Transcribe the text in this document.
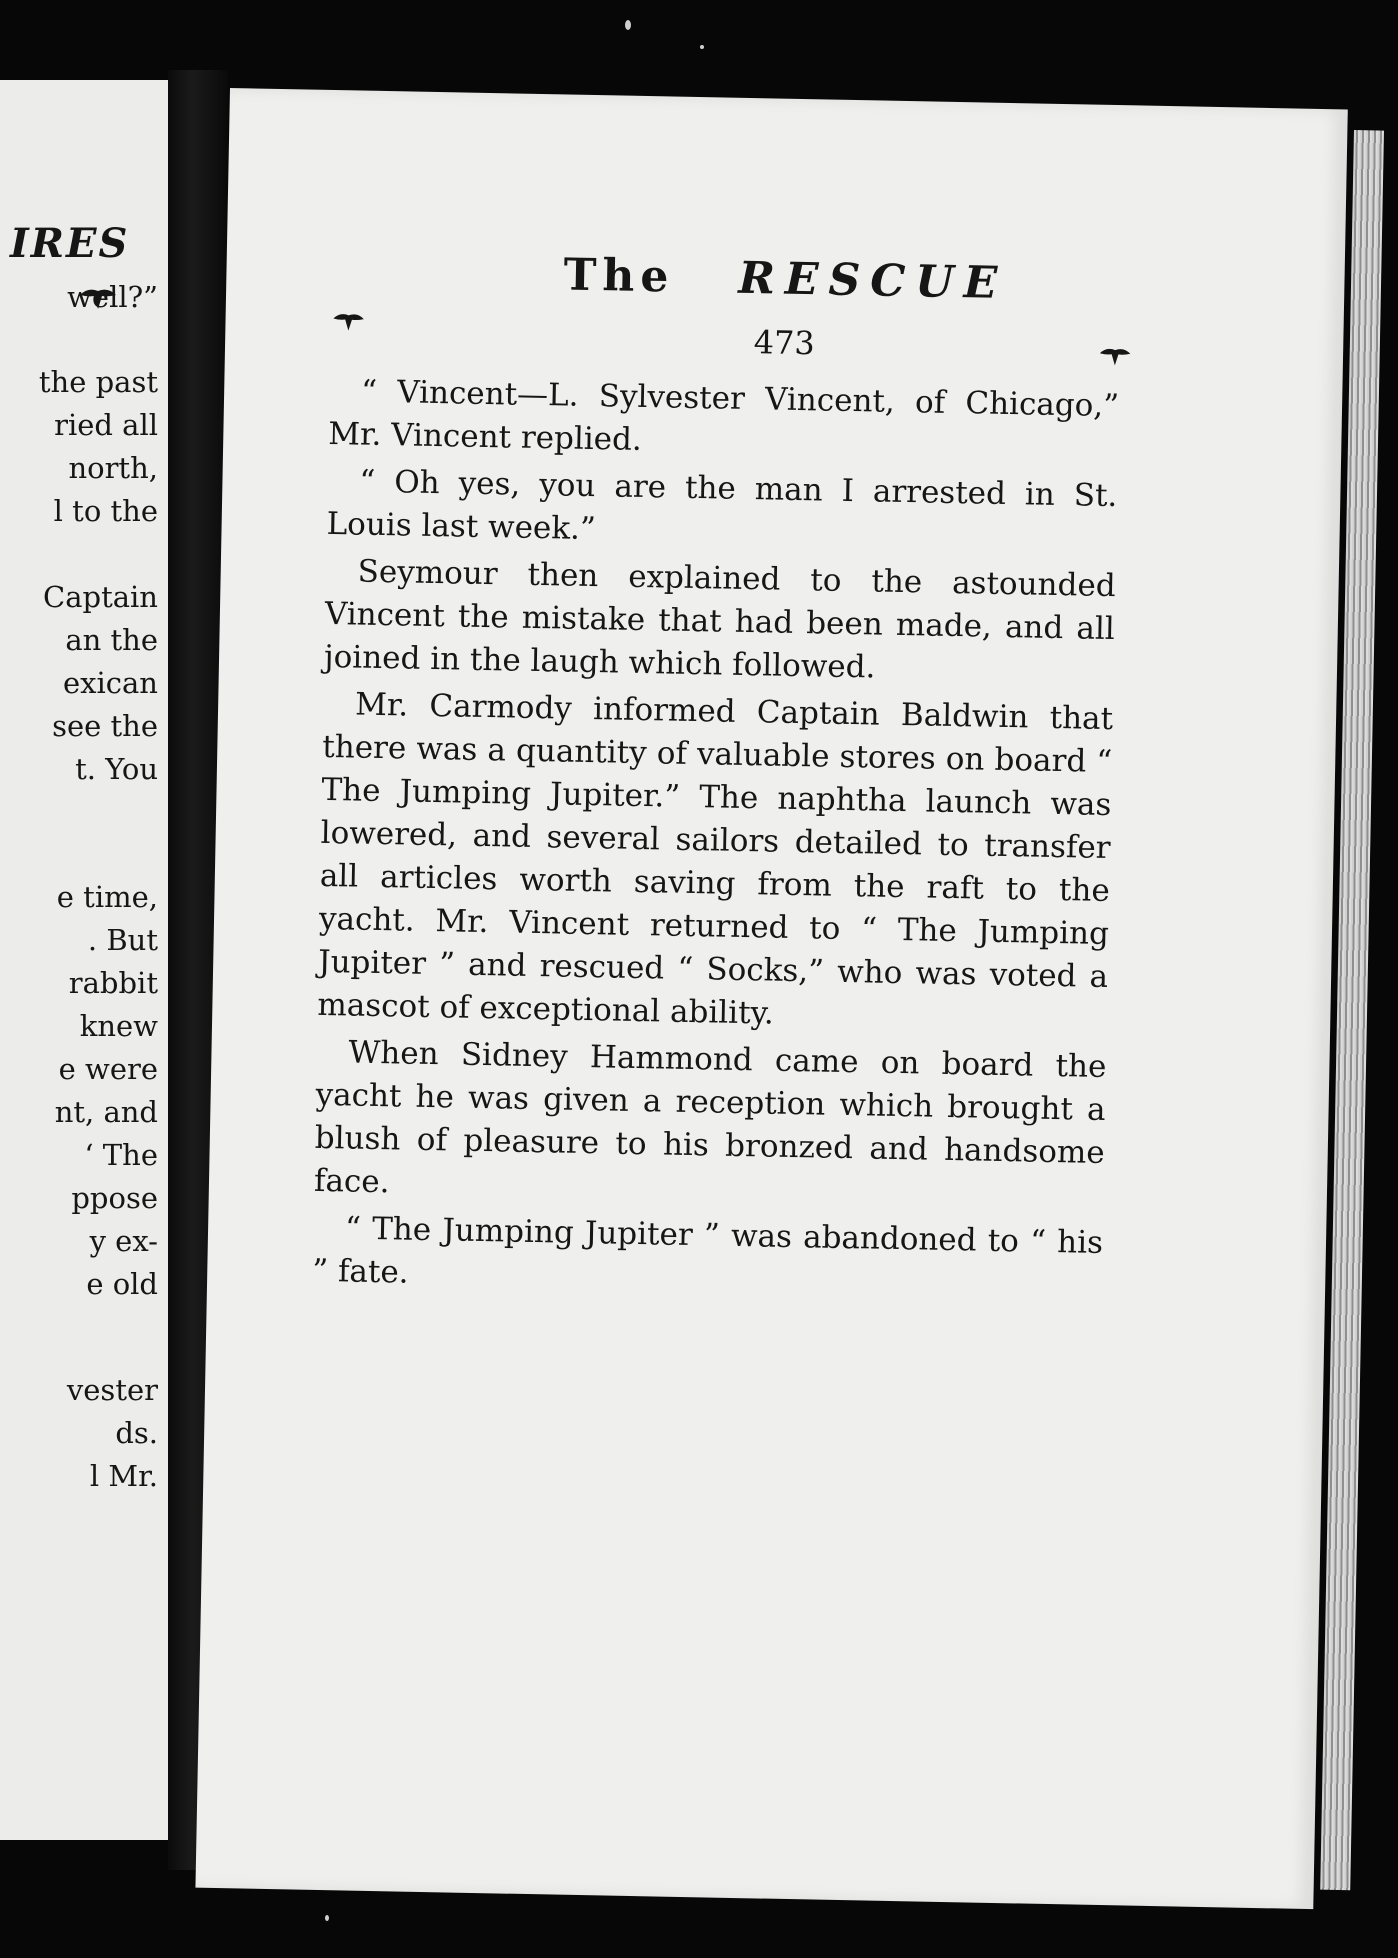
IRES
well?”
the past
ried all
north,
l to the
Captain
an the
exican
see the
t. You
e time,
. But
rabbit
knew
e were
nt, and
‘ The
ppose
y ex-
e old
vester
ds.
l Mr.
The RESCUE
473

“ Vincent—L. Sylvester Vincent, of Chicago,” Mr. Vincent replied.

“ Oh yes, you are the man I arrested in St. Louis last week.”

Seymour then explained to the astounded Vincent the mistake that had been made, and all joined in the laugh which followed.

Mr. Carmody informed Captain Baldwin that there was a quantity of valuable stores on board “ The Jumping Jupiter.” The naphtha launch was lowered, and several sailors detailed to transfer all articles worth saving from the raft to the yacht. Mr. Vincent returned to “ The Jumping Jupiter ” and rescued “ Socks,” who was voted a mascot of exceptional ability.

When Sidney Hammond came on board the yacht he was given a reception which brought a blush of pleasure to his bronzed and handsome face.

“ The Jumping Jupiter ” was abandoned to “ his ” fate.
